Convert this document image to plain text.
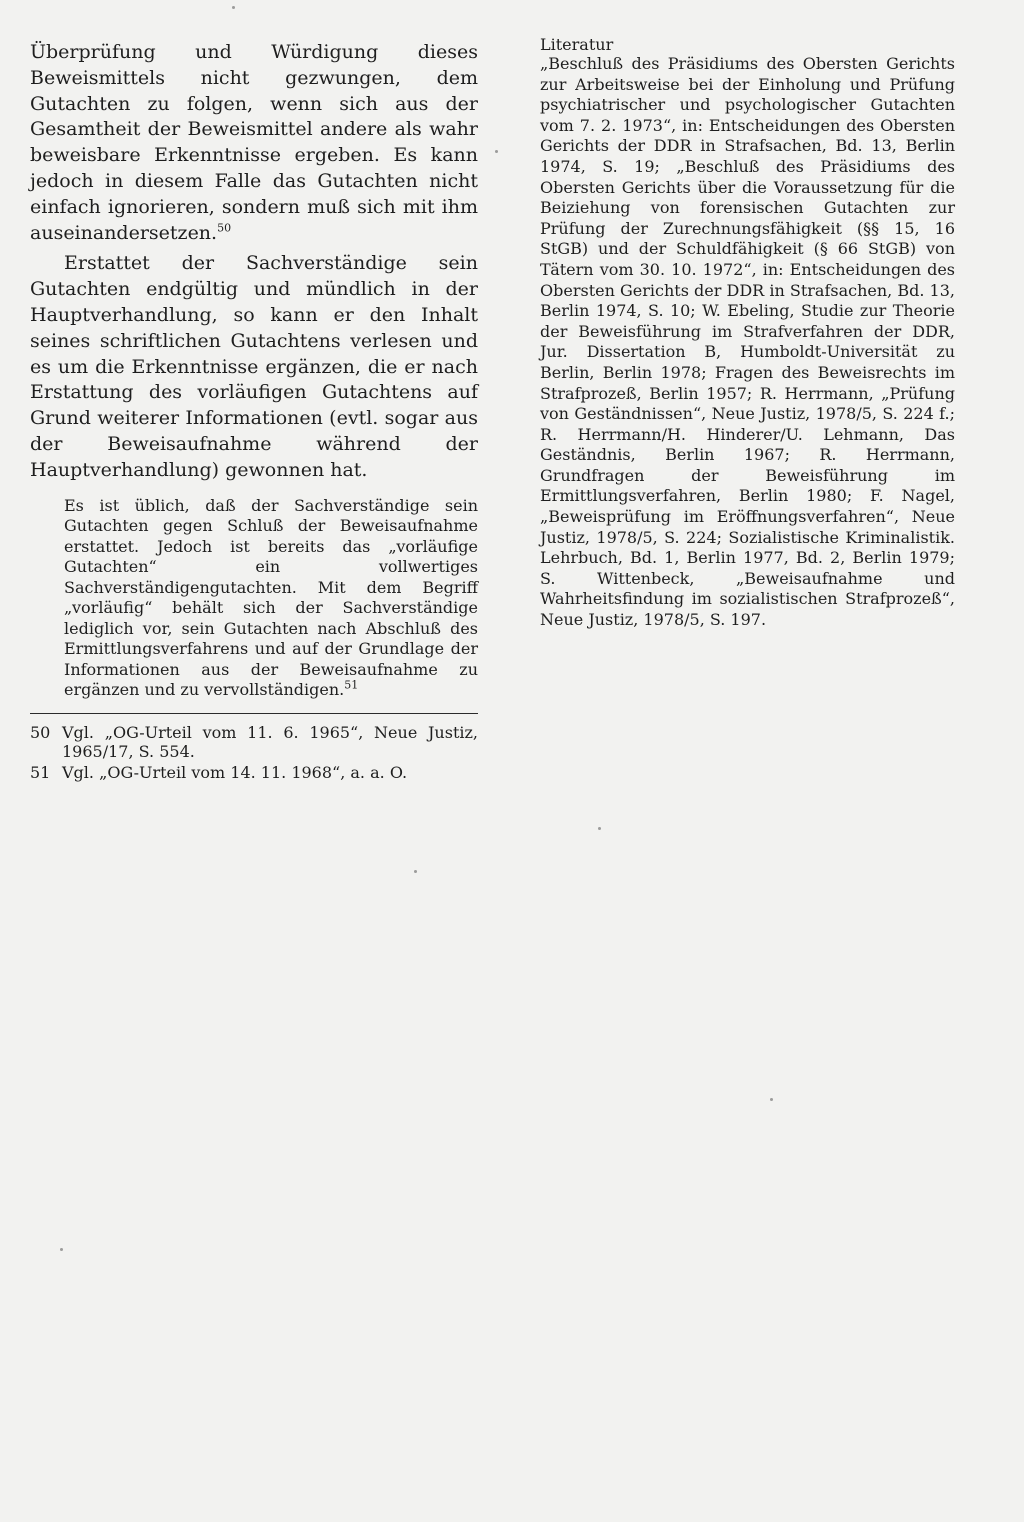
Überprüfung und Würdigung dieses Beweismittels nicht gezwungen, dem Gutachten zu folgen, wenn sich aus der Gesamtheit der Beweismittel andere als wahr beweisbare Erkenntnisse ergeben. Es kann jedoch in diesem Falle das Gutachten nicht einfach ignorieren, sondern muß sich mit ihm auseinandersetzen.$^{50}$

Erstattet der Sachverständige sein Gutachten endgültig und mündlich in der Hauptverhandlung, so kann er den Inhalt seines schriftlichen Gutachtens verlesen und es um die Erkenntnisse ergänzen, die er nach Erstattung des vorläufigen Gutachtens auf Grund weiterer Informationen (evtl. sogar aus der Beweisaufnahme während der Hauptverhandlung) gewonnen hat.

Es ist üblich, daß der Sachverständige sein Gutachten gegen Schluß der Beweisaufnahme erstattet. Jedoch ist bereits das „vorläufige Gutachten“ ein vollwertiges Sachverständigengutachten. Mit dem Begriff „vorläufig“ behält sich der Sachverständige lediglich vor, sein Gutachten nach Abschluß des Ermittlungsverfahrens und auf der Grundlage der Informationen aus der Beweisaufnahme zu ergänzen und zu vervollständigen.$^{51}$
50 Vgl. „OG-Urteil vom 11. 6. 1965“, Neue Justiz, 1965/17, S. 554.
51 Vgl. „OG-Urteil vom 14. 11. 1968“, a. a. O.

Literatur

„Beschluß des Präsidiums des Obersten Gerichts zur Arbeitsweise bei der Einholung und Prüfung psychiatrischer und psychologischer Gutachten vom 7. 2. 1973“, in: Entscheidungen des Obersten Gerichts der DDR in Strafsachen, Bd. 13, Berlin 1974, S. 19; „Beschluß des Präsidiums des Obersten Gerichts über die Voraussetzung für die Beiziehung von forensischen Gutachten zur Prüfung der Zurechnungsfähigkeit (§§ 15, 16 StGB) und der Schuldfähigkeit (§ 66 StGB) von Tätern vom 30. 10. 1972“, in: Entscheidungen des Obersten Gerichts der DDR in Strafsachen, Bd. 13, Berlin 1974, S. 10; W. Ebeling, Studie zur Theorie der Beweisführung im Strafverfahren der DDR, Jur. Dissertation B, Humboldt-Universität zu Berlin, Berlin 1978; Fragen des Beweisrechts im Strafprozeß, Berlin 1957; R. Herrmann, „Prüfung von Geständnissen“, Neue Justiz, 1978/5, S. 224 f.; R. Herrmann/H. Hinderer/U. Lehmann, Das Geständnis, Berlin 1967; R. Herrmann, Grundfragen der Beweisführung im Ermittlungsverfahren, Berlin 1980; F. Nagel, „Beweisprüfung im Eröffnungsverfahren“, Neue Justiz, 1978/5, S. 224; Sozialistische Kriminalistik. Lehrbuch, Bd. 1, Berlin 1977, Bd. 2, Berlin 1979; S. Wittenbeck, „Beweisaufnahme und Wahrheitsfindung im sozialistischen Strafprozeß“, Neue Justiz, 1978/5, S. 197.
